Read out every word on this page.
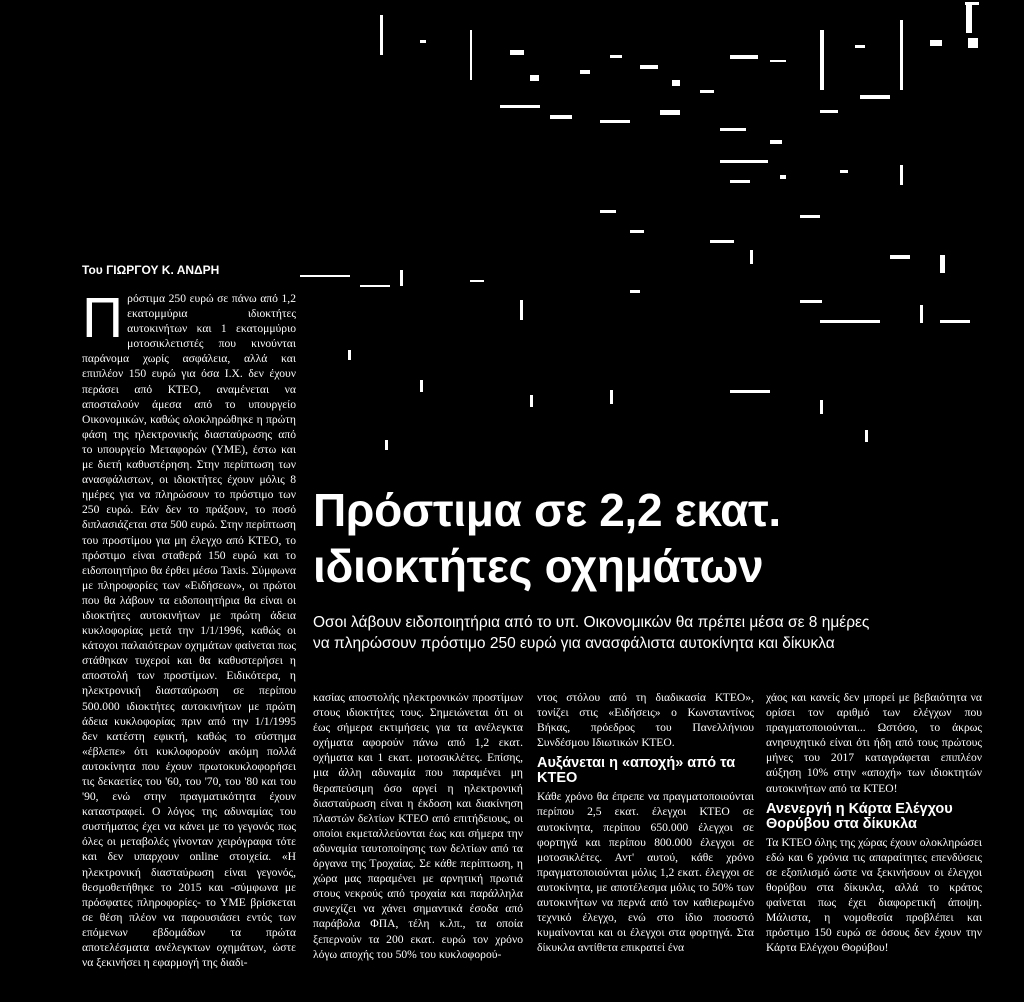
Του ΓΙΩΡΓΟΥ Κ. ΑΝΔΡΗ
Π ρόστιμα 250 ευρώ σε πάνω από 1,2 εκατομμύρια ιδιοκτήτες αυτοκινήτων και 1 εκατομμύριο μοτοσικλετιστές που κινούνται παράνομα χωρίς ασφάλεια, αλλά και επιπλέον 150 ευρώ για όσα Ι.Χ. δεν έχουν περάσει από ΚΤΕΟ, αναμένεται να αποσταλούν άμεσα από το υπουργείο Οικονομικών, καθώς ολοκληρώθηκε η πρώτη φάση της ηλεκτρονικής διασταύρωσης από το υπουργείο Μεταφορών (ΥΜΕ), έστω και με διετή καθυστέρηση. Στην περίπτωση των ανασφάλιστων, οι ιδιοκτήτες έχουν μόλις 8 ημέρες για να πληρώσουν το πρόστιμο των 250 ευρώ. Εάν δεν το πράξουν, το ποσό διπλασιάζεται στα 500 ευρώ. Στην περίπτωση του προστίμου για μη έλεγχο από ΚΤΕΟ, το πρόστιμο είναι σταθερά 150 ευρώ και το ειδοποιητήριο θα έρθει μέσω Taxis. Σύμφωνα με πληροφορίες των «Ειδήσεων», οι πρώτοι που θα λάβουν τα ειδοποιητήρια θα είναι οι ιδιοκτήτες αυτοκινήτων με πρώτη άδεια κυκλοφορίας μετά την 1/1/1996, καθώς οι κάτοχοι παλαιότερων οχημάτων φαίνεται πως στάθηκαν τυχεροί και θα καθυστερήσει η αποστολή των προστίμων. Ειδικότερα, η ηλεκτρονική διασταύρωση σε περίπου 500.000 ιδιοκτήτες αυτοκινήτων με πρώτη άδεια κυκλοφορίας πριν από την 1/1/1995 δεν κατέστη εφικτή, καθώς το σύστημα «έβλεπε» ότι κυκλοφορούν ακόμη πολλά αυτοκίνητα που έχουν πρωτοκυκλοφορήσει τις δεκαετίες του '60, του '70, του '80 και του '90, ενώ στην πραγματικότητα έχουν καταστραφεί. Ο λόγος της αδυναμίας του συστήματος έχει να κάνει με το γεγονός πως όλες οι μεταβολές γίνονταν χειρόγραφα τότε και δεν υπαρχουν online στοιχεία. «Η ηλεκτρονική διασταύρωση είναι γεγονός, θεσμοθετήθηκε το 2015 και -σύμφωνα με πρόσφατες πληροφορίες- το ΥΜΕ βρίσκεται σε θέση πλέον να παρουσιάσει εντός των επόμενων εβδομάδων τα πρώτα αποτελέσματα ανέλεγκτων οχημάτων, ώστε να ξεκινήσει η εφαρμογή της διαδι-
Πρόστιμα σε 2,2 εκατ.
ιδιοκτήτες οχημάτων
Οσοι λάβουν ειδοποιητήρια από το υπ. Οικονομικών θα πρέπει μέσα σε 8 ημέρες
να πληρώσουν πρόστιμο 250 ευρώ για ανασφάλιστα αυτοκίνητα και δίκυκλα

κασίας αποστολής ηλεκτρονικών προστίμων στους ιδιοκτήτες τους. Σημειώνεται ότι οι έως σήμερα εκτιμήσεις για τα ανέλεγκτα οχήματα αφορούν πάνω από 1,2 εκατ. οχήματα και 1 εκατ. μοτοσικλέτες. Επίσης, μια άλλη αδυναμία που παραμένει μη θεραπεύσιμη όσο αργεί η ηλεκτρονική διασταύρωση είναι η έκδοση και διακίνηση πλαστών δελτίων ΚΤΕΟ από επιτήδειους, οι οποίοι εκμεταλλεύονται έως και σήμερα την αδυναμία ταυτοποίησης των δελτίων από τα όργανα της Τροχαίας. Σε κάθε περίπτωση, η χώρα μας παραμένει με αρνητική πρωτιά στους νεκρούς από τροχαία και παράλληλα συνεχίζει να χάνει σημαντικά έσοδα από παράβολα ΦΠΑ, τέλη κ.λπ., τα οποία ξεπερνούν τα 200 εκατ. ευρώ τον χρόνο λόγω αποχής του 50% του κυκλοφορού-

ντος στόλου από τη διαδικασία ΚΤΕΟ», τονίζει στις «Ειδήσεις» ο Κωνσταντίνος Βήκας, πρόεδρος του Πανελλήνιου Συνδέσμου Ιδιωτικών ΚΤΕΟ.

Αυξάνεται η «αποχή» από τα ΚΤΕΟ

Κάθε χρόνο θα έπρεπε να πραγματοποιούνται περίπου 2,5 εκατ. έλεγχοι ΚΤΕΟ σε αυτοκίνητα, περίπου 650.000 έλεγχοι σε φορτηγά και περίπου 800.000 έλεγχοι σε μοτοσικλέτες. Αντ' αυτού, κάθε χρόνο πραγματοποιούνται μόλις 1,2 εκατ. έλεγχοι σε αυτοκίνητα, με αποτέλεσμα μόλις το 50% των αυτοκινήτων να περνά από τον καθιερωμένο τεχνικό έλεγχο, ενώ στο ίδιο ποσοστό κυμαίνονται και οι έλεγχοι στα φορτηγά. Στα δίκυκλα αντίθετα επικρατεί ένα

χάος και κανείς δεν μπορεί με βεβαιότητα να ορίσει τον αριθμό των ελέγχων που πραγματοποιούνται... Ωστόσο, το άκρως ανησυχητικό είναι ότι ήδη από τους πρώτους μήνες του 2017 καταγράφεται επιπλέον αύξηση 10% στην «αποχή» των ιδιοκτητών αυτοκινήτων από τα ΚΤΕΟ!

Ανενεργή η Κάρτα Ελέγχου Θορύβου στα δίκυκλα

Τα ΚΤΕΟ όλης της χώρας έχουν ολοκληρώσει εδώ και 6 χρόνια τις απαραίτητες επενδύσεις σε εξοπλισμό ώστε να ξεκινήσουν οι έλεγχοι θορύβου στα δίκυκλα, αλλά το κράτος φαίνεται πως έχει διαφορετική άποψη. Μάλιστα, η νομοθεσία προβλέπει και πρόστιμο 150 ευρώ σε όσους δεν έχουν την Κάρτα Ελέγχου Θορύβου!
